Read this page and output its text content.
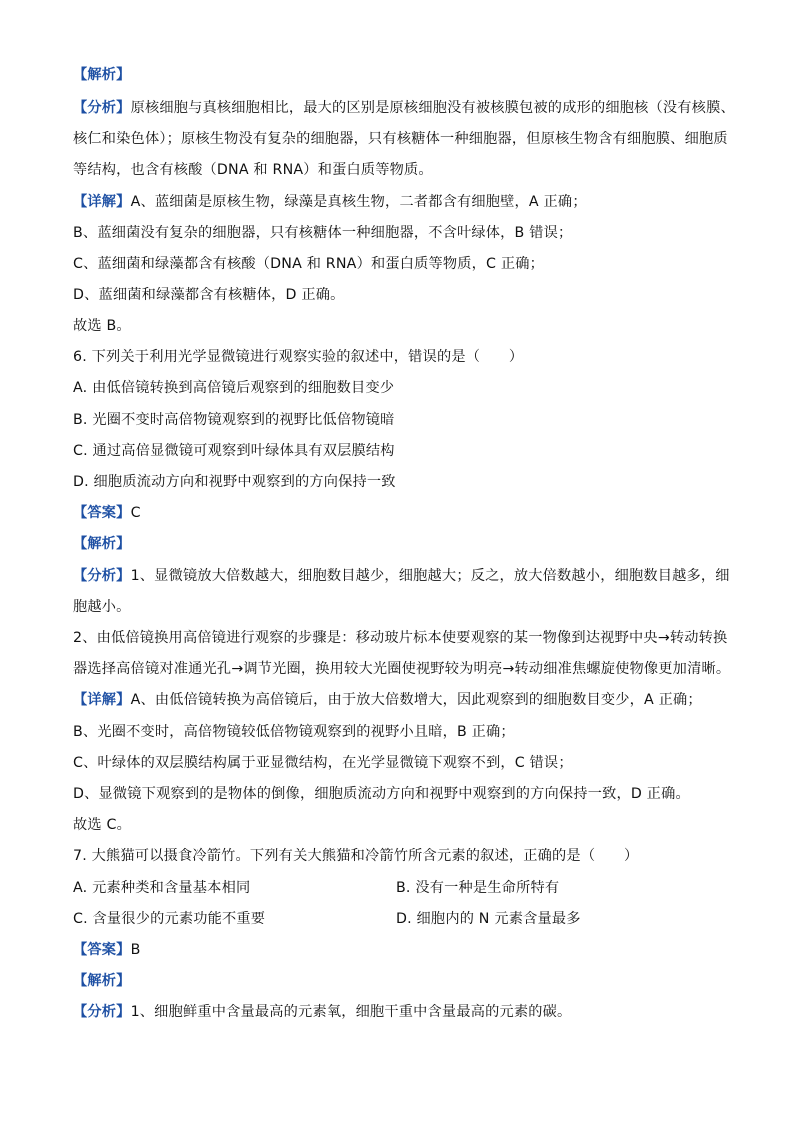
【解析】
【分析】原核细胞与真核细胞相比，最大的区别是原核细胞没有被核膜包被的成形的细胞核（没有核膜、
核仁和染色体）；原核生物没有复杂的细胞器，只有核糖体一种细胞器，但原核生物含有细胞膜、细胞质
等结构，也含有核酸（DNA 和 RNA）和蛋白质等物质。
【详解】A、蓝细菌是原核生物，绿藻是真核生物，二者都含有细胞壁，A 正确；
B、蓝细菌没有复杂的细胞器，只有核糖体一种细胞器，不含叶绿体，B 错误；
C、蓝细菌和绿藻都含有核酸（DNA 和 RNA）和蛋白质等物质，C 正确；
D、蓝细菌和绿藻都含有核糖体，D 正确。
故选 B。
6. 下列关于利用光学显微镜进行观察实验的叙述中，错误的是（　　）
A. 由低倍镜转换到高倍镜后观察到的细胞数目变少
B. 光圈不变时高倍物镜观察到的视野比低倍物镜暗
C. 通过高倍显微镜可观察到叶绿体具有双层膜结构
D. 细胞质流动方向和视野中观察到的方向保持一致
【答案】C
【解析】
【分析】1、显微镜放大倍数越大，细胞数目越少，细胞越大；反之，放大倍数越小，细胞数目越多，细
胞越小。
2、由低倍镜换用高倍镜进行观察的步骤是：移动玻片标本使要观察的某一物像到达视野中央→转动转换
器选择高倍镜对准通光孔→调节光圈，换用较大光圈使视野较为明亮→转动细准焦螺旋使物像更加清晰。
【详解】A、由低倍镜转换为高倍镜后，由于放大倍数增大，因此观察到的细胞数目变少，A 正确；
B、光圈不变时，高倍物镜较低倍物镜观察到的视野小且暗，B 正确；
C、叶绿体的双层膜结构属于亚显微结构，在光学显微镜下观察不到，C 错误；
D、显微镜下观察到的是物体的倒像，细胞质流动方向和视野中观察到的方向保持一致，D 正确。
故选 C。
7. 大熊猫可以摄食冷箭竹。下列有关大熊猫和冷箭竹所含元素的叙述，正确的是（　　）
A. 元素种类和含量基本相同	B. 没有一种是生命所特有
C. 含量很少的元素功能不重要	D. 细胞内的 N 元素含量最多
【答案】B
【解析】
【分析】1、细胞鲜重中含量最高的元素氧，细胞干重中含量最高的元素的碳。
